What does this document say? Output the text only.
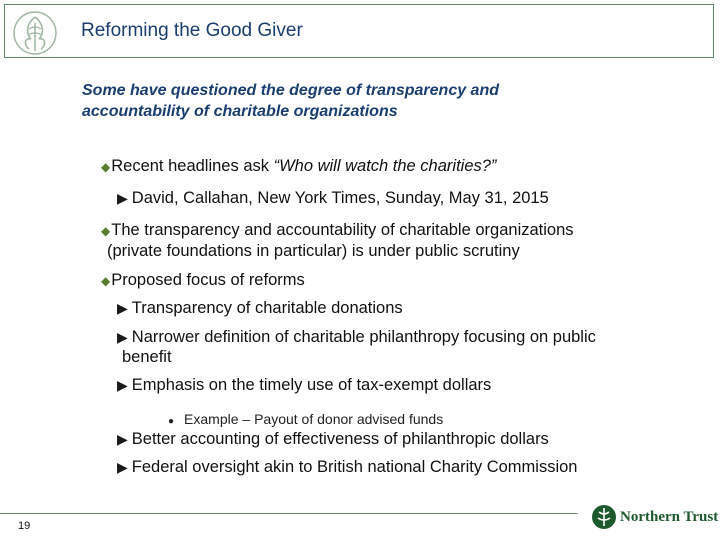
Reforming the Good Giver
Some have questioned the degree of transparency and accountability of charitable organizations
◆Recent headlines ask “Who will watch the charities?”
▶ David, Callahan, New York Times, Sunday, May 31, 2015
◆The transparency and accountability of charitable organizations
(private foundations in particular) is under public scrutiny
◆Proposed focus of reforms
▶ Transparency of charitable donations
▶ Narrower definition of charitable philanthropy focusing on public
benefit
▶ Emphasis on the timely use of tax-exempt dollars
● Example – Payout of donor advised funds
▶ Better accounting of effectiveness of philanthropic dollars
▶ Federal oversight akin to British national Charity Commission
19
Northern Trust
